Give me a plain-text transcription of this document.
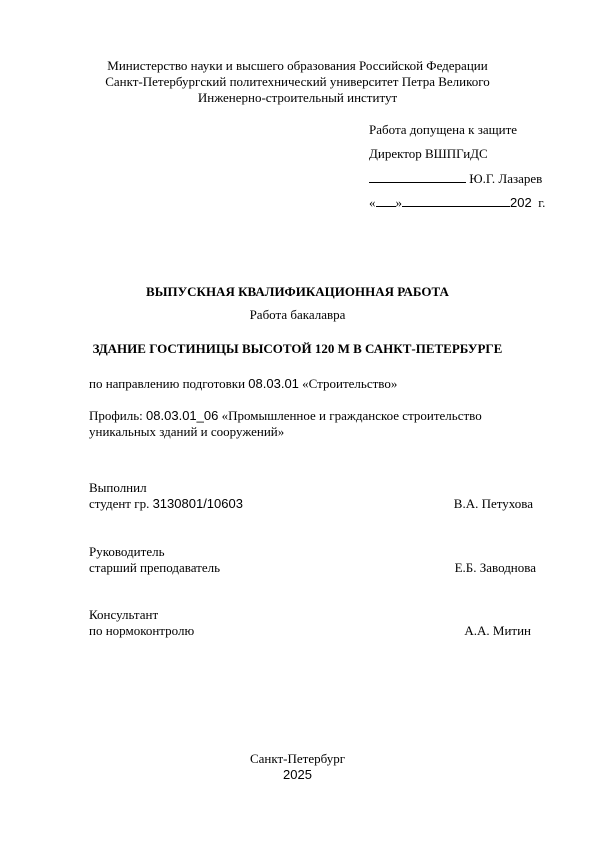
Министерство науки и высшего образования Российской Федерации
Санкт-Петербургский политехнический университет Петра Великого
Инженерно-строительный институт
Работа допущена к защите
Директор ВШПГиДС
Ю.Г. Лазарев
« »	202 г.
ВЫПУСКНАЯ КВАЛИФИКАЦИОННАЯ РАБОТА
Работа бакалавра
ЗДАНИЕ ГОСТИНИЦЫ ВЫСОТОЙ 120 М В САНКТ-ПЕТЕРБУРГЕ
по направлению подготовки 08.03.01 «Строительство»
Профиль: 08.03.01_06 «Промышленное и гражданское строительство
уникальных зданий и сооружений»
Выполнил
студент гр. 3130801/10603	В.А. Петухова
Руководитель
старший преподаватель	Е.Б. Заводнова
Консультант
по нормоконтролю	А.А. Митин
Санкт-Петербург
2025
